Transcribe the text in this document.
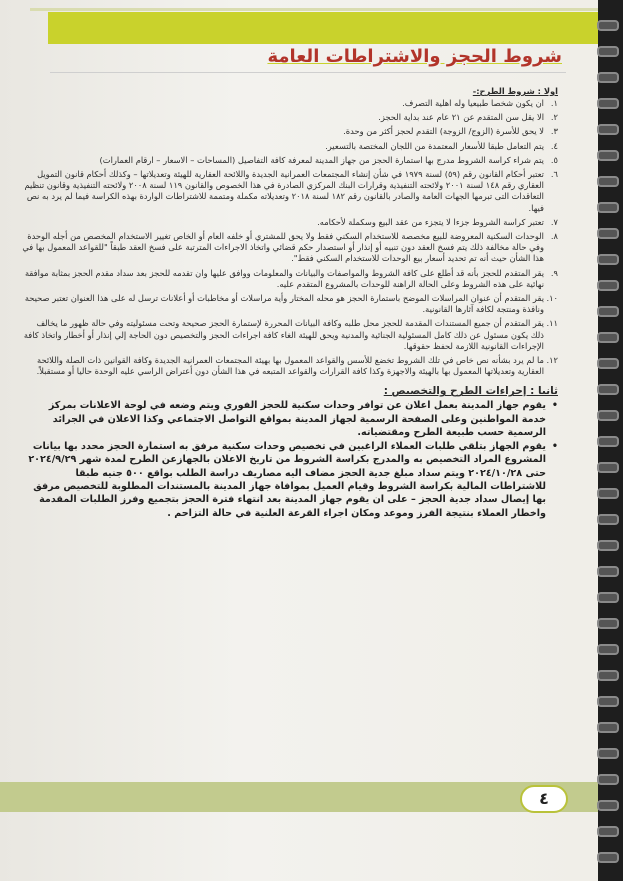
شروط الحجز والاشتراطات العامة
اولا : شروط الطرح:-
١.
ان يكون شخصا طبيعيا وله اهلية التصرف.
٢.
الا يقل سن المتقدم عن ٢١ عام عند بداية الحجز.
٣.
لا يحق للأسرة (الزوج/ الزوجة) التقدم لحجز أكثر من وحدة.
٤.
يتم التعامل طبقا للأسعار المعتمدة من اللجان المختصة بالتسعير.
٥.
يتم شراء كراسة الشروط مدرج بها استمارة الحجز من جهاز المدينة لمعرفة كافة التفاصيل (المساحات – الاسعار – ارقام العمارات)
٦.
تعتبر أحكام القانون رقم (٥٩) لسنة ١٩٧٩ في شأن إنشاء المجتمعات العمرانية الجديدة واللائحة العقارية للهيئة وتعديلاتها – وكذلك أحكام قانون التمويل العقاري رقم ١٤٨ لسنة ٢٠٠١ ولائحته التنفيذية وقرارات البنك المركزي الصادرة في هذا الخصوص والقانون ١١٩ لسنة ٢٠٠٨ ولائحته التنفيذية وقانون تنظيم التعاقدات التى تبرمها الجهات العامة والصادر بالقانون رقم ١٨٢ لسنة ٢٠١٨ وتعديلاته مكملة ومتممة للاشتراطات الواردة بهذه الكراسة فيما لم يرد به نص فيها.
٧.
تعتبر كراسة الشروط جزءا لا يتجزء من عقد البيع وسكملة لأحكامه.
٨.
الوحدات السكنية المعروضة للبيع مخصصة للاستخدام السكني فقط ولا يحق للمشتري أو خلفه العام أو الخاص تغيير الاستخدام المخصص من أجله الوحدة وفي حالة مخالفة ذلك يتم فسخ العقد دون تنبيه أو إنذار أو استصدار حكم قضائي واتخاذ الاجراءات المترتبة على فسخ العقد طبقاً "للقواعد المعمول بها في هذا الشأن حيث أنه تم تحديد أسعار بيع الوحدات للاستخدام السكني فقط".
٩.
يقر المتقدم للحجز بأنه قد أطلع على كافة الشروط والمواصفات والبيانات والمعلومات ووافق عليها وان تقدمه للحجز بعد سداد مقدم الحجز بمثابة موافقة نهائية على هذه الشروط وعلى الحالة الراهنة للوحدات بالمشروع المتقدم عليه.
١٠.
يقر المتقدم أن عنوان المراسلات الموضح باستمارة الحجز هو محله المختار وأية مراسلات أو مخاطبات أو أعلانات ترسل له على هذا العنوان تعتبر صحيحة ونافذة ومنتجة لكافة آثارها القانونية.
١١.
يقر المتقدم أن جميع المستندات المقدمة للحجز محل طلبه وكافة البيانات المحررة لإستمارة الحجز صحيحة وتحت مسئوليته وفي حالة ظهور ما يخالف ذلك يكون مسئول عن ذلك كامل المسئولية الجنائية والمدنية ويحق للهيئة الغاء كافة اجراءات الحجز والتخصيص دون الحاجة إلي إنذار أو أخطار واتخاذ كافة الإجراءات القانونية اللازمة لحفظ حقوقها.
١٢.
ما لم يرد بشأنه نص خاص في تلك الشروط تخضع للأسس والقواعد المعمول بها بهيئة المجتمعات العمرانية الجديدة وكافة القوانين ذات الصلة واللائحة العقارية وتعديلاتها المعمول بها بالهيئة والاجهزة وكذا كافة القرارات والقواعد المتبعه في هذا الشأن دون أعتراض الراسي عليه الوحدة حاليا أو مستقبلاً.
ثانيا : إجراءات الطرح والتخصيص :
•
يقوم جهاز المدينة بعمل اعلان عن توافر وحدات سكنية للحجز الفوري ويتم وضعه في لوحة الاعلانات بمركز خدمة المواطنين وعلى الصفحة الرسمية لجهاز المدينة بمواقع التواصل الاجتماعي وكذا الاعلان في الجرائد الرسمية حسب طبيعة الطرح ومقتضياته.
•
يقوم الجهاز بتلقي طلبات العملاء الراغبين في تخصيص وحدات سكنية مرفق به استمارة الحجز محدد بها بيانات المشروع المراد التخصيص به والمدرج بكراسة الشروط من تاريخ الاعلان بالجهازعن الطرح لمدة شهر ٢٠٢٤/٩/٢٩ حتى ٢٠٢٤/١٠/٢٨ ويتم سداد مبلغ جدية الحجز مضاف اليه مصاريف دراسة الطلب بواقع ٥٠٠ جنيه طبقا للاشتراطات المالية بكراسة الشروط وقيام العميل بموافاة جهاز المدينة بالمستندات المطلوبة للتخصيص مرفق بها إيصال سداد جدية الحجز – على ان يقوم جهاز المدينة بعد انتهاء فترة الحجز بتجميع وفرز الطلبات المقدمة واخطار العملاء بنتيجة الفرز وموعد ومكان اجراء القرعة العلنية في حالة التزاحم .
٤
